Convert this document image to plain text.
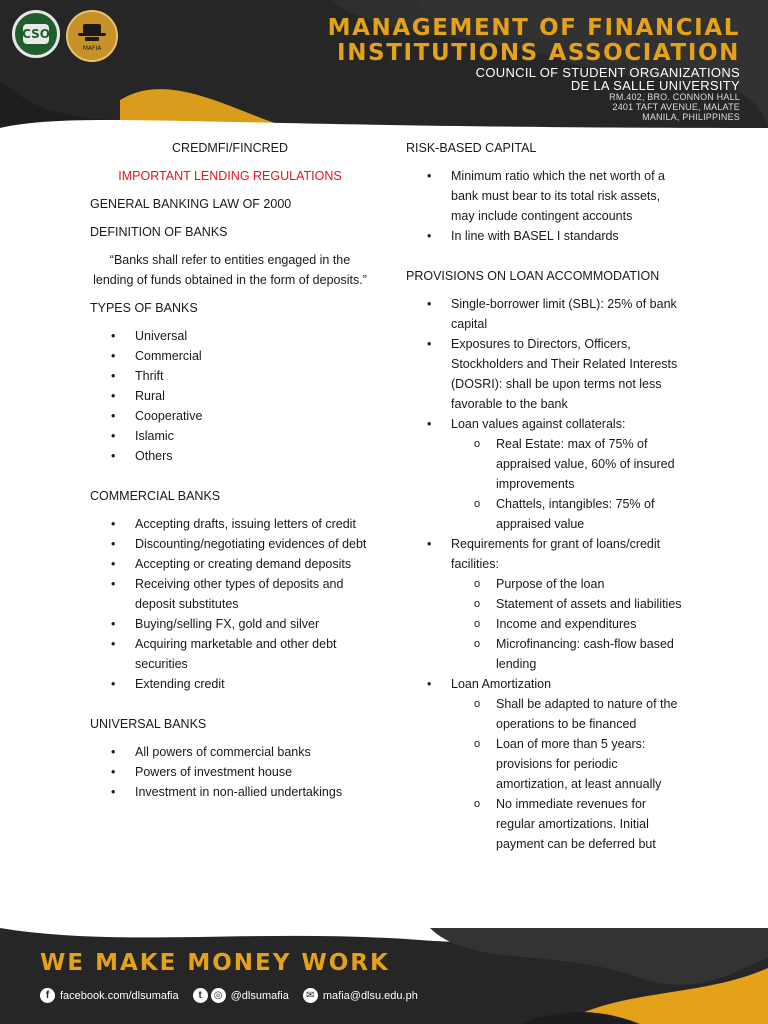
CSO
MAFIA
MANAGEMENT OF FINANCIAL
INSTITUTIONS ASSOCIATION
COUNCIL OF STUDENT ORGANIZATIONS
DE LA SALLE UNIVERSITY
RM.402, BRO. CONNON HALL
2401 TAFT AVENUE, MALATE
MANILA, PHILIPPINES
CREDMFI/FINCRED
IMPORTANT LENDING REGULATIONS
GENERAL BANKING LAW OF 2000
DEFINITION OF BANKS
“Banks shall refer to entities engaged in the lending of funds obtained in the form of deposits.”
TYPES OF BANKS
• Universal
• Commercial
• Thrift
• Rural
• Cooperative
• Islamic
• Others
COMMERCIAL BANKS
• Accepting drafts, issuing letters of credit
• Discounting/negotiating evidences of debt
• Accepting or creating demand deposits
• Receiving other types of deposits and deposit substitutes
• Buying/selling FX, gold and silver
• Acquiring marketable and other debt securities
• Extending credit
UNIVERSAL BANKS
• All powers of commercial banks
• Powers of investment house
• Investment in non-allied undertakings
RISK-BASED CAPITAL
• Minimum ratio which the net worth of a bank must bear to its total risk assets, may include contingent accounts
• In line with BASEL I standards
PROVISIONS ON LOAN ACCOMMODATION
• Single-borrower limit (SBL): 25% of bank capital
• Exposures to Directors, Officers, Stockholders and Their Related Interests (DOSRI): shall be upon terms not less favorable to the bank
• Loan values against collaterals:
o Real Estate: max of 75% of appraised value, 60% of insured improvements
o Chattels, intangibles: 75% of appraised value
• Requirements for grant of loans/credit facilities:
o Purpose of the loan
o Statement of assets and liabilities
o Income and expenditures
o Microfinancing: cash-flow based lending
• Loan Amortization
o Shall be adapted to nature of the operations to be financed
o Loan of more than 5 years: provisions for periodic amortization, at least annually
o No immediate revenues for regular amortizations. Initial payment can be deferred but
WE MAKE MONEY WORK
f facebook.com/dlsumafia	t	◎ @dlsumafia	✉ mafia@dlsu.edu.ph
